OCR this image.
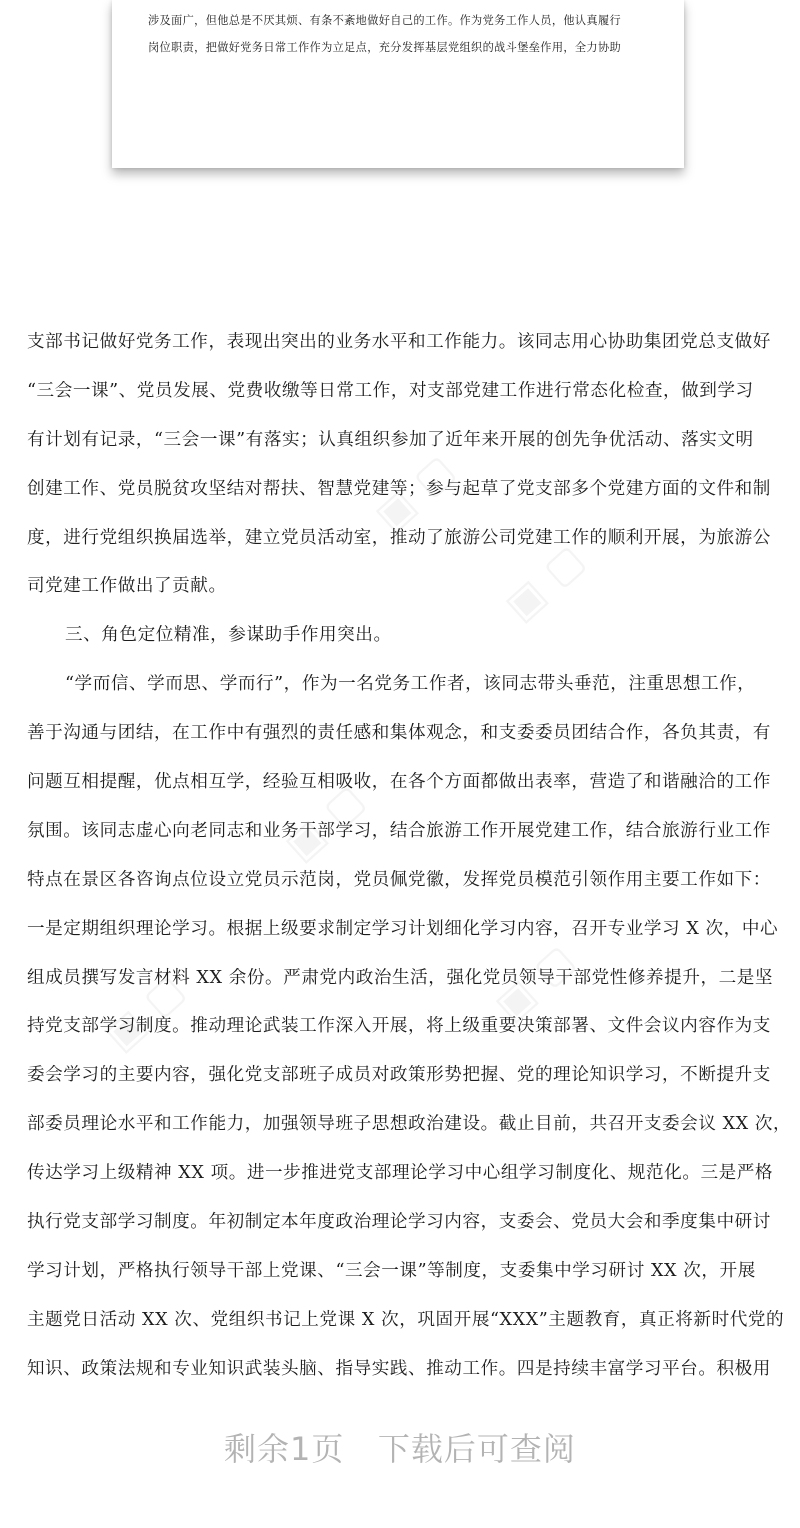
涉及面广，但他总是不厌其烦、有条不紊地做好自己的工作。作为党务工作人员，他认真履行
岗位职责，把做好党务日常工作作为立足点，充分发挥基层党组织的战斗堡垒作用，全力协助
▣ ▢
▣ ▢
▣ ▢
▣ ▢
▣ ▢
支部书记做好党务工作，表现出突出的业务水平和工作能力。该同志用心协助集团党总支做好
“三会一课”、党员发展、党费收缴等日常工作，对支部党建工作进行常态化检查，做到学习
有计划有记录，“三会一课”有落实；认真组织参加了近年来开展的创先争优活动、落实文明
创建工作、党员脱贫攻坚结对帮扶、智慧党建等；参与起草了党支部多个党建方面的文件和制
度，进行党组织换届选举，建立党员活动室，推动了旅游公司党建工作的顺利开展，为旅游公
司党建工作做出了贡献。
三、角色定位精准，参谋助手作用突出。
“学而信、学而思、学而行”，作为一名党务工作者，该同志带头垂范，注重思想工作，
善于沟通与团结，在工作中有强烈的责任感和集体观念，和支委委员团结合作，各负其责，有
问题互相提醒，优点相互学，经验互相吸收，在各个方面都做出表率，营造了和谐融洽的工作
氛围。该同志虚心向老同志和业务干部学习，结合旅游工作开展党建工作，结合旅游行业工作
特点在景区各咨询点位设立党员示范岗，党员佩党徽，发挥党员模范引领作用主要工作如下：
一是定期组织理论学习。根据上级要求制定学习计划细化学习内容，召开专业学习 X 次，中心
组成员撰写发言材料 XX 余份。严肃党内政治生活，强化党员领导干部党性修养提升，二是坚
持党支部学习制度。推动理论武装工作深入开展，将上级重要决策部署、文件会议内容作为支
委会学习的主要内容，强化党支部班子成员对政策形势把握、党的理论知识学习，不断提升支
部委员理论水平和工作能力，加强领导班子思想政治建设。截止目前，共召开支委会议 XX 次，
传达学习上级精神 XX 项。进一步推进党支部理论学习中心组学习制度化、规范化。三是严格
执行党支部学习制度。年初制定本年度政治理论学习内容，支委会、党员大会和季度集中研讨
学习计划，严格执行领导干部上党课、“三会一课”等制度，支委集中学习研讨 XX 次，开展
主题党日活动 XX 次、党组织书记上党课 X 次，巩固开展“XXX”主题教育，真正将新时代党的
知识、政策法规和专业知识武装头脑、指导实践、推动工作。四是持续丰富学习平台。积极用
剩余1页   下载后可查阅
